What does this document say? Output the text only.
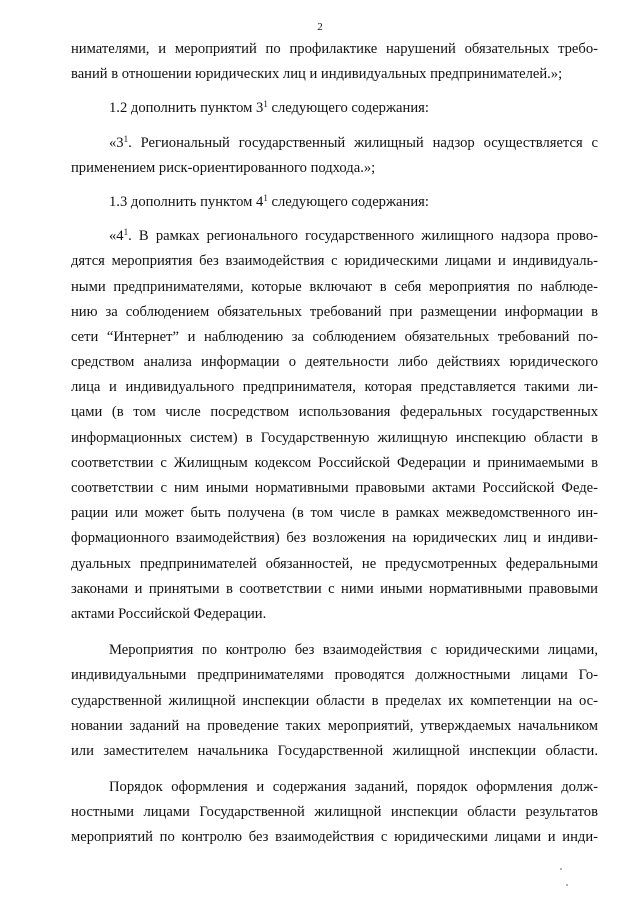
2
нимателями, и мероприятий по профилактике нарушений обязательных требо-
ваний в отношении юридических лиц и индивидуальных предпринимателей.»;
1.2 дополнить пунктом $3^1$ следующего содержания:
«$3^1$. Региональный государственный жилищный надзор осуществляется с
применением риск-ориентированного подхода.»;
1.3 дополнить пунктом $4^1$ следующего содержания:
«$4^1$. В рамках регионального государственного жилищного надзора прово-
дятся мероприятия без взаимодействия с юридическими лицами и индивидуаль-
ными предпринимателями, которые включают в себя мероприятия по наблюде-
нию за соблюдением обязательных требований при размещении информации в
сети “Интернет” и наблюдению за соблюдением обязательных требований по-
средством анализа информации о деятельности либо действиях юридического
лица и индивидуального предпринимателя, которая представляется такими ли-
цами (в том числе посредством использования федеральных государственных
информационных систем) в Государственную жилищную инспекцию области в
соответствии с Жилищным кодексом Российской Федерации и принимаемыми в
соответствии с ним иными нормативными правовыми актами Российской Феде-
рации или может быть получена (в том числе в рамках межведомственного ин-
формационного взаимодействия) без возложения на юридических лиц и индиви-
дуальных предпринимателей обязанностей, не предусмотренных федеральными
законами и принятыми в соответствии с ними иными нормативными правовыми
актами Российской Федерации.
Мероприятия по контролю без взаимодействия с юридическими лицами,
индивидуальными предпринимателями проводятся должностными лицами Го-
сударственной жилищной инспекции области в пределах их компетенции на ос-
новании заданий на проведение таких мероприятий, утверждаемых начальником
или заместителем начальника Государственной жилищной инспекции области.
Порядок оформления и содержания заданий, порядок оформления долж-
ностными лицами Государственной жилищной инспекции области результатов
мероприятий по контролю без взаимодействия с юридическими лицами и инди-
